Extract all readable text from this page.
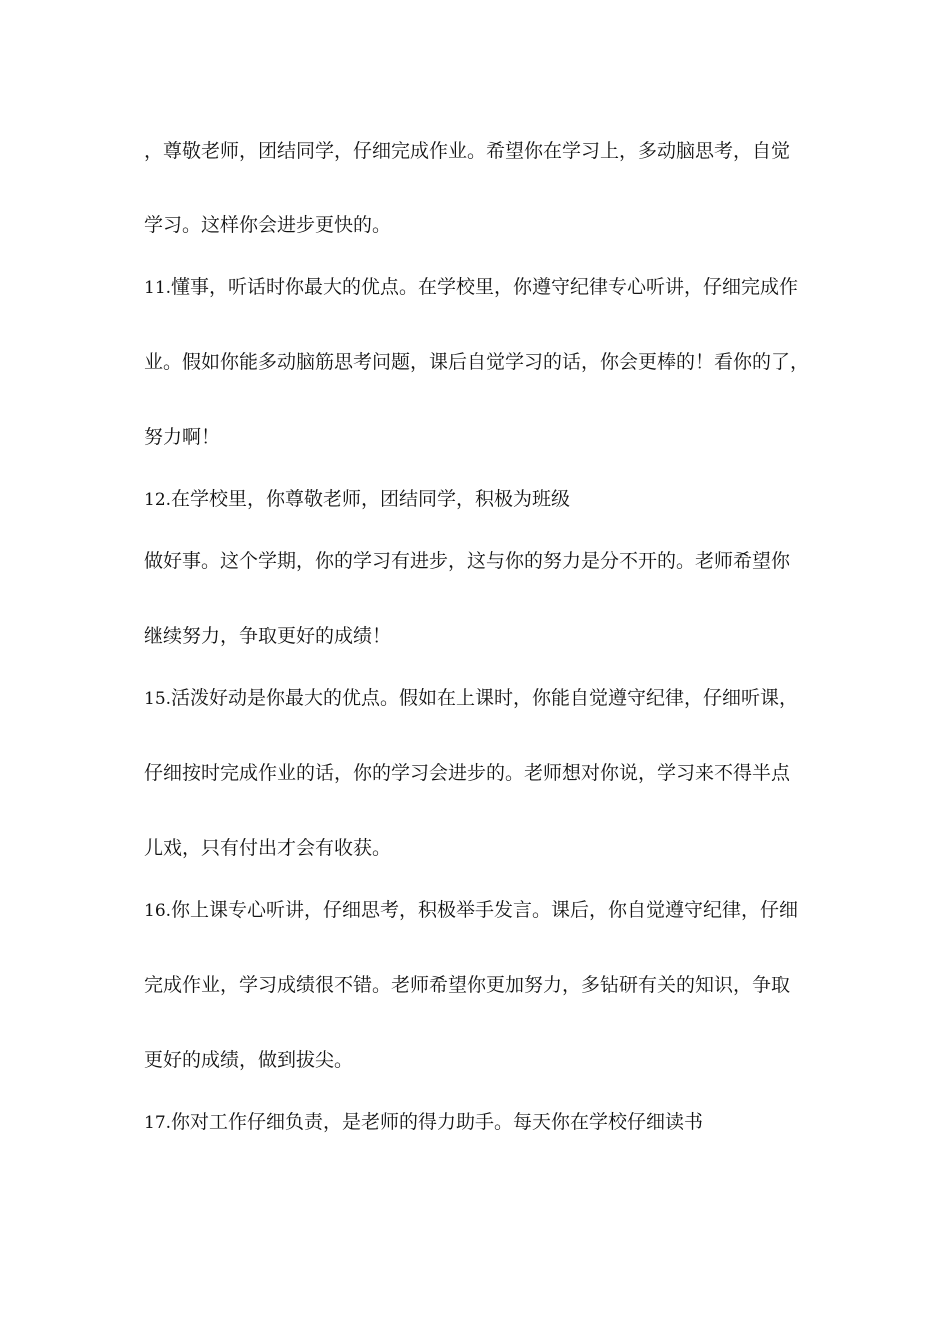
，尊敬老师，团结同学，仔细完成作业。希望你在学习上，多动脑思考，自觉
学习。这样你会进步更快的。
11.懂事，听话时你最大的优点。在学校里，你遵守纪律专心听讲，仔细完成作
业。假如你能多动脑筋思考问题，课后自觉学习的话，你会更棒的！看你的了，
努力啊！
12.在学校里，你尊敬老师，团结同学，积极为班级
做好事。这个学期，你的学习有进步，这与你的努力是分不开的。老师希望你
继续努力，争取更好的成绩！
15.活泼好动是你最大的优点。假如在上课时，你能自觉遵守纪律，仔细听课，
仔细按时完成作业的话，你的学习会进步的。老师想对你说，学习来不得半点
儿戏，只有付出才会有收获。
16.你上课专心听讲，仔细思考，积极举手发言。课后，你自觉遵守纪律，仔细
完成作业，学习成绩很不错。老师希望你更加努力，多钻研有关的知识，争取
更好的成绩，做到拔尖。
17.你对工作仔细负责，是老师的得力助手。每天你在学校仔细读书
